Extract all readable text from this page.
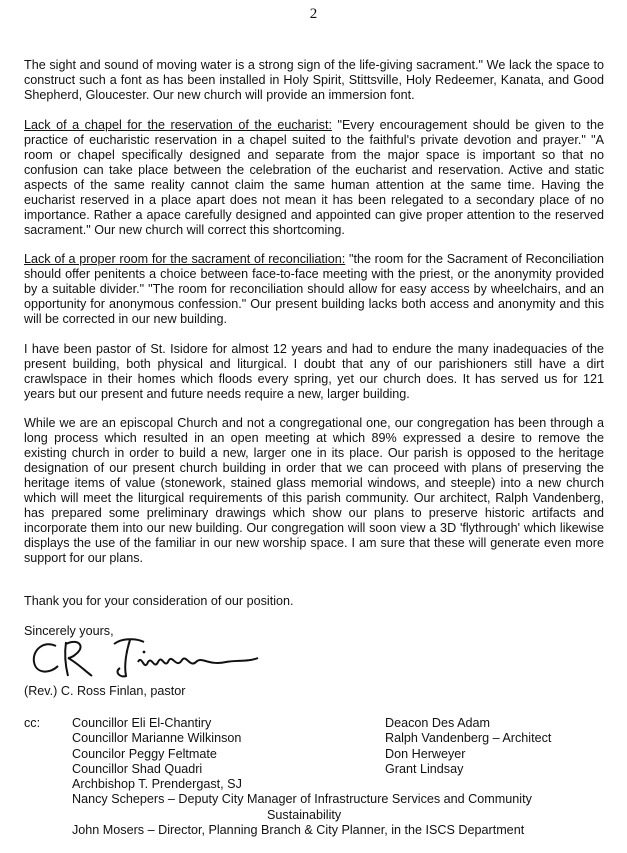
2

The sight and sound of moving water is a strong sign of the life-giving sacrament." We lack the space to construct such a font as has been installed in Holy Spirit, Stittsville, Holy Redeemer, Kanata, and Good Shepherd, Gloucester. Our new church will provide an immersion font.

Lack of a chapel for the reservation of the eucharist: "Every encouragement should be given to the practice of eucharistic reservation in a chapel suited to the faithful's private devotion and prayer." "A room or chapel specifically designed and separate from the major space is important so that no confusion can take place between the celebration of the eucharist and reservation. Active and static aspects of the same reality cannot claim the same human attention at the same time. Having the eucharist reserved in a place apart does not mean it has been relegated to a secondary place of no importance. Rather a apace carefully designed and appointed can give proper attention to the reserved sacrament." Our new church will correct this shortcoming.

Lack of a proper room for the sacrament of reconciliation: "the room for the Sacrament of Reconciliation should offer penitents a choice between face-to-face meeting with the priest, or the anonymity provided by a suitable divider." "The room for reconciliation should allow for easy access by wheelchairs, and an opportunity for anonymous confession." Our present building lacks both access and anonymity and this will be corrected in our new building.

I have been pastor of St. Isidore for almost 12 years and had to endure the many inadequacies of the present building, both physical and liturgical. I doubt that any of our parishioners still have a dirt crawlspace in their homes which floods every spring, yet our church does. It has served us for 121 years but our present and future needs require a new, larger building.

While we are an episcopal Church and not a congregational one, our congregation has been through a long process which resulted in an open meeting at which 89% expressed a desire to remove the existing church in order to build a new, larger one in its place. Our parish is opposed to the heritage designation of our present church building in order that we can proceed with plans of preserving the heritage items of value (stonework, stained glass memorial windows, and steeple) into a new church which will meet the liturgical requirements of this parish community. Our architect, Ralph Vandenberg, has prepared some preliminary drawings which show our plans to preserve historic artifacts and incorporate them into our new building. Our congregation will soon view a 3D 'flythrough' which likewise displays the use of the familiar in our new worship space. I am sure that these will generate even more support for our plans.

Thank you for your consideration of our position.
Sincerely yours,
(Rev.) C. Ross Finlan, pastor
cc:	Councillor Eli El-Chantiry
Councillor Marianne Wilkinson
Councilor Peggy Feltmate
Councillor Shad Quadri
Archbishop T. Prendergast, SJ
Nancy Schepers – Deputy City Manager of Infrastructure Services and Community
Sustainability
John Mosers – Director, Planning Branch & City Planner, in the ISCS Department
Deacon Des Adam
Ralph Vandenberg – Architect
Don Herweyer
Grant Lindsay
